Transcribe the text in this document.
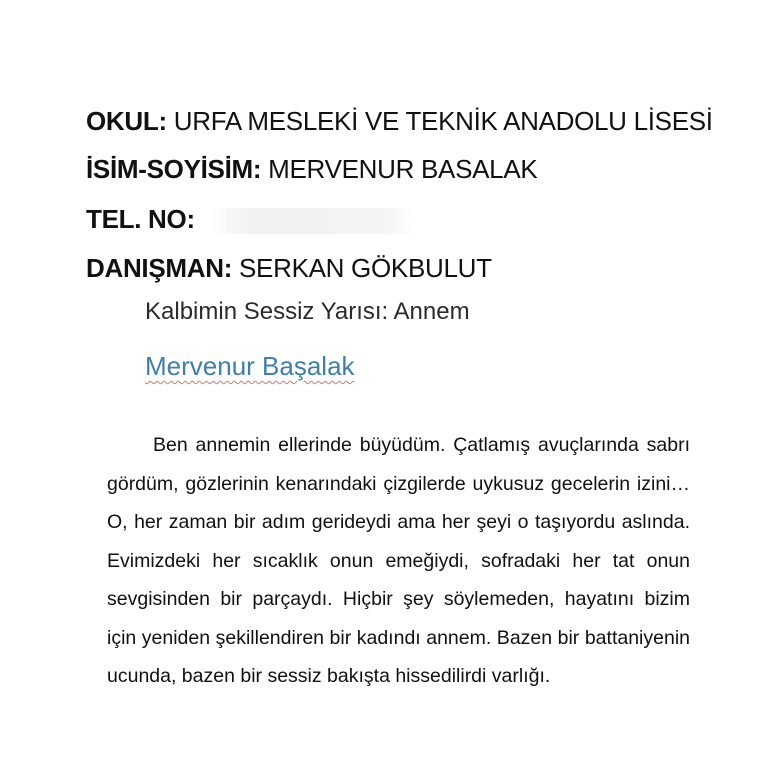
OKUL: URFA MESLEKİ VE TEKNİK ANADOLU LİSESİ
İSİM-SOYİSİM: MERVENUR BASALAK
TEL. NO:
DANIŞMAN: SERKAN GÖKBULUT
Kalbimin Sessiz Yarısı: Annem
Mervenur Başalak

Ben annemin ellerinde büyüdüm. Çatlamış avuçlarında sabrı gördüm, gözlerinin kenarındaki çizgilerde uykusuz gecelerin izini… O, her zaman bir adım gerideydi ama her şeyi o taşıyordu aslında. Evimizdeki her sıcaklık onun emeğiydi, sofradaki her tat onun sevgisinden bir parçaydı. Hiçbir şey söylemeden, hayatını bizim için yeniden şekillendiren bir kadındı annem. Bazen bir battaniyenin ucunda, bazen bir sessiz bakışta hissedilirdi varlığı.
